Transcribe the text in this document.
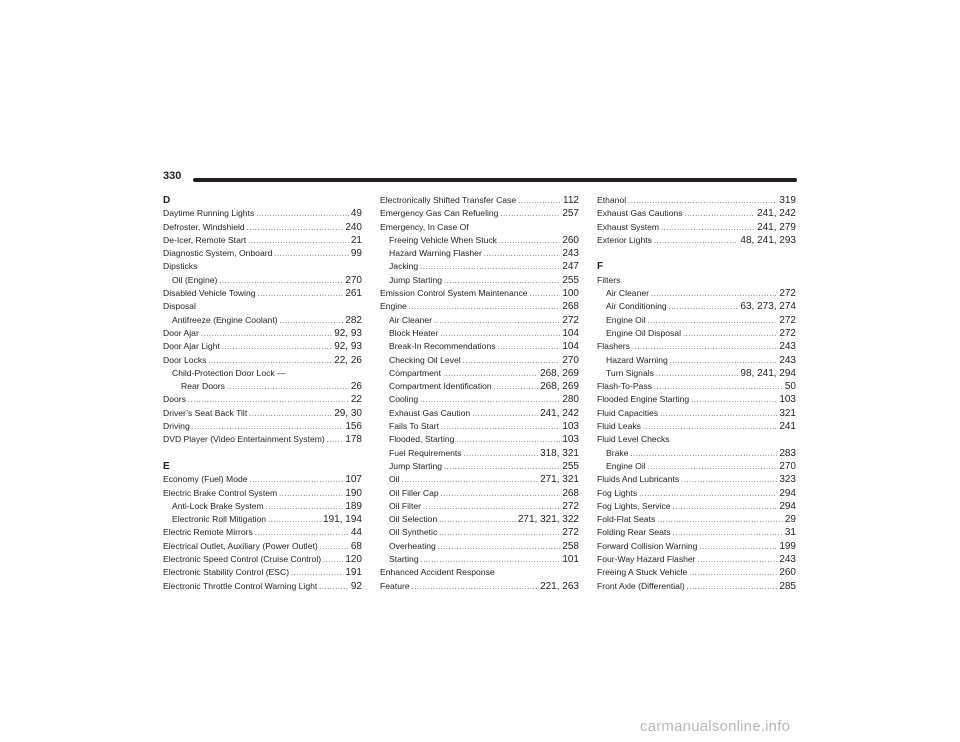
330
D
Daytime Running Lights . . .	49
Defroster, Windshield . . .	240
De-Icer, Remote Start . . .	21
Diagnostic System, Onboard . . .	99
Dipsticks
Oil (Engine) . . .	270
Disabled Vehicle Towing . . .	261
Disposal
Antifreeze (Engine Coolant) . . .	282
Door Ajar . . .	92, 93
Door Ajar Light . . .	92, 93
Door Locks . . .	22, 26
Child-Protection Door Lock —
Rear Doors . . .	26
Doors . . .	22
Driver’s Seat Back Tilt . . .	29, 30
Driving . . .	156
DVD Player (Video Entertainment System) . . . 178
E
Economy (Fuel) Mode . . .	107
Electric Brake Control System . . .	190
Anti-Lock Brake System . . .	189
Electronic Roll Mitigation . . .	191, 194
Electric Remote Mirrors . . .	44
Electrical Outlet, Auxiliary (Power Outlet) . . .	68
Electronic Speed Control (Cruise Control) . . . 120
Electronic Stability Control (ESC) . . .	191
Electronic Throttle Control Warning Light . . .	92
Electronically Shifted Transfer Case . . .	112
Emergency Gas Can Refueling . . .	257
Emergency, In Case Of
Freeing Vehicle When Stuck . . .	260
Hazard Warning Flasher . . .	243
Jacking . . .	247
Jump Starting . . .	255
Emission Control System Maintenance . . .	100
Engine . . .	268
Air Cleaner . . .	272
Block Heater . . .	104
Break-In Recommendations . . .	104
Checking Oil Level . . .	270
Compartment . . .	268, 269
Compartment Identification . . .	268, 269
Cooling . . .	280
Exhaust Gas Caution . . .	241, 242
Fails To Start . . .	103
Flooded, Starting . . .	103
Fuel Requirements . . .	318, 321
Jump Starting . . .	255
Oil . . .	271, 321
Oil Filler Cap . . .	268
Oil Filter . . .	272
Oil Selection . . .	271, 321, 322
Oil Synthetic . . .	272
Overheating . . .	258
Starting . . .	101
Enhanced Accident Response
Feature . . .	221, 263
Ethanol . . .	319
Exhaust Gas Cautions . . .	241, 242
Exhaust System . . .	241, 279
Exterior Lights . . .	48, 241, 293
F
Filters
Air Cleaner . . .	272
Air Conditioning . . .	63, 273, 274
Engine Oil . . .	272
Engine Oil Disposal . . .	272
Flashers . . .	243
Hazard Warning . . .	243
Turn Signals . . .	98, 241, 294
Flash-To-Pass . . .	50
Flooded Engine Starting . . .	103
Fluid Capacities . . .	321
Fluid Leaks . . .	241
Fluid Level Checks
Brake . . .	283
Engine Oil . . .	270
Fluids And Lubricants . . .	323
Fog Lights . . .	294
Fog Lights, Service . . .	294
Fold-Flat Seats . . .	29
Folding Rear Seats . . .	31
Forward Collision Warning . . .	199
Four-Way Hazard Flasher . . .	243
Freeing A Stuck Vehicle . . .	260
Front Axle (Differential) . . .	285
carmanualsonline.info
